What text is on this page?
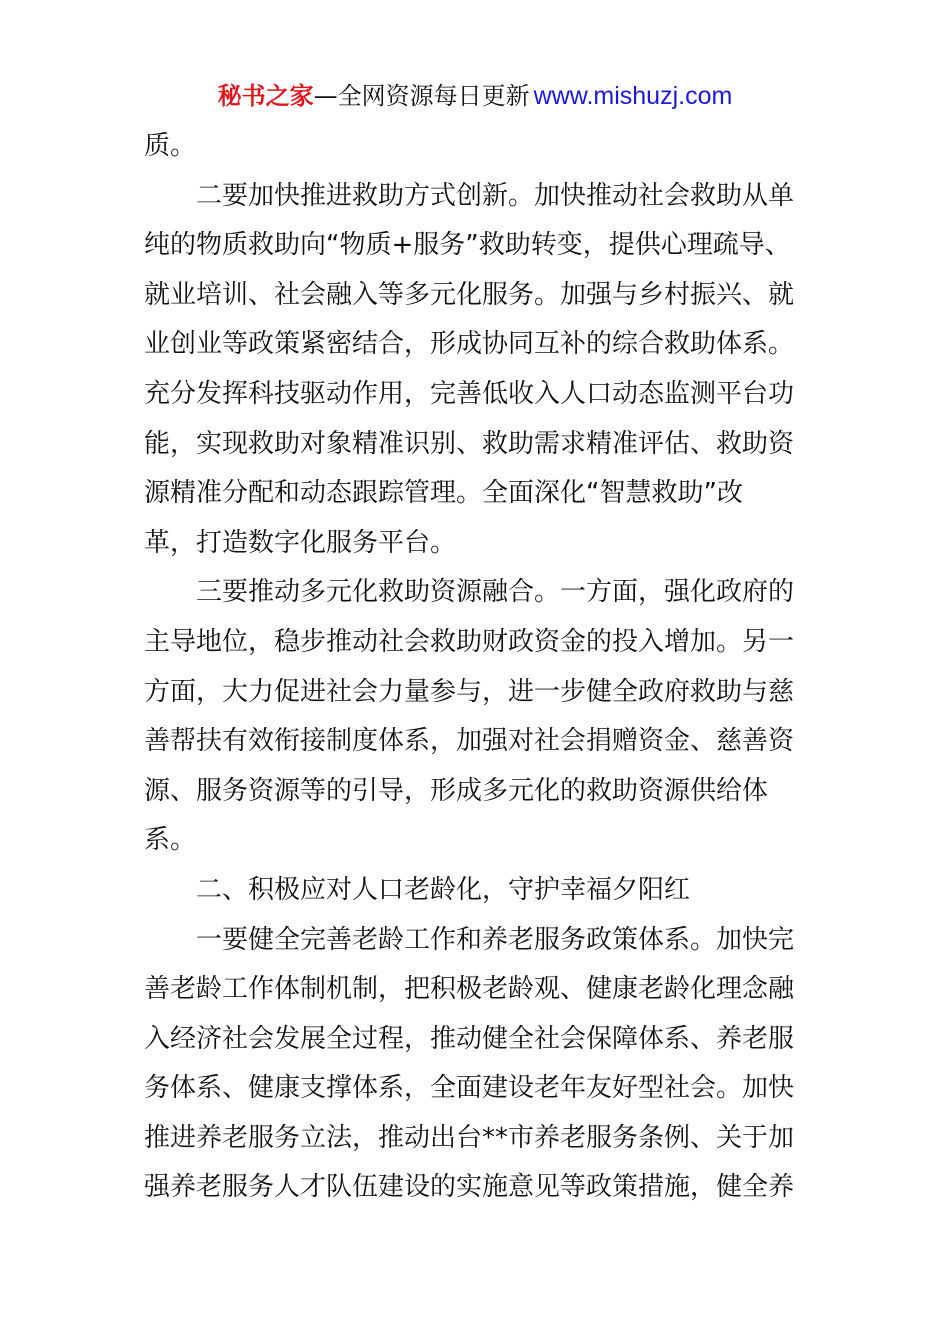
秘书之家—全网资源每日更新 www.mishuzj.com
质。
二要加快推进救助方式创新。加快推动社会救助从单
纯的物质救助向“物质+服务”救助转变，提供心理疏导、
就业培训、社会融入等多元化服务。加强与乡村振兴、就
业创业等政策紧密结合，形成协同互补的综合救助体系。
充分发挥科技驱动作用，完善低收入人口动态监测平台功
能，实现救助对象精准识别、救助需求精准评估、救助资
源精准分配和动态跟踪管理。全面深化“智慧救助”改
革，打造数字化服务平台。
三要推动多元化救助资源融合。一方面，强化政府的
主导地位，稳步推动社会救助财政资金的投入增加。另一
方面，大力促进社会力量参与，进一步健全政府救助与慈
善帮扶有效衔接制度体系，加强对社会捐赠资金、慈善资
源、服务资源等的引导，形成多元化的救助资源供给体
系。
二、积极应对人口老龄化，守护幸福夕阳红
一要健全完善老龄工作和养老服务政策体系。加快完
善老龄工作体制机制，把积极老龄观、健康老龄化理念融
入经济社会发展全过程，推动健全社会保障体系、养老服
务体系、健康支撑体系，全面建设老年友好型社会。加快
推进养老服务立法，推动出台**市养老服务条例、关于加
强养老服务人才队伍建设的实施意见等政策措施，健全养
